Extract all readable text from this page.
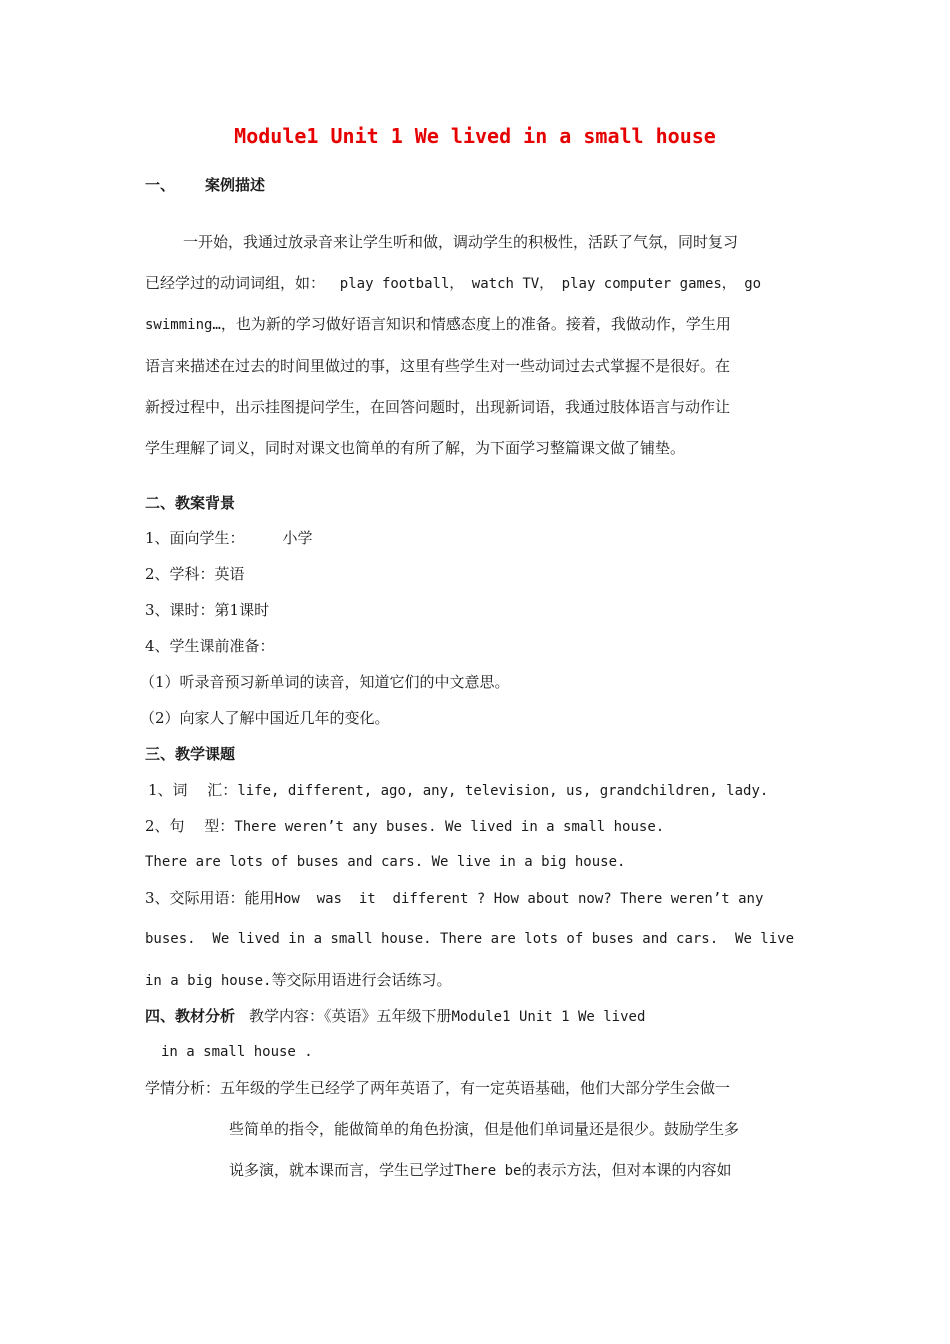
Module1 Unit 1 We lived in a small house
一、 案例描述
一开始，我通过放录音来让学生听和做，调动学生的积极性，活跃了气氛，同时复习
已经学过的动词词组，如： play football， watch TV， play computer games， go
swimming…，也为新的学习做好语言知识和情感态度上的准备。接着，我做动作，学生用
语言来描述在过去的时间里做过的事，这里有些学生对一些动词过去式掌握不是很好。在
新授过程中，出示挂图提问学生，在回答问题时，出现新词语，我通过肢体语言与动作让
学生理解了词义，同时对课文也简单的有所了解，为下面学习整篇课文做了铺垫。
二、教案背景
1、面向学生：	小学
2、学科：英语
3、课时：第1课时
4、学生课前准备：
（1）听录音预习新单词的读音，知道它们的中文意思。
（2）向家人了解中国近几年的变化。
三、教学课题
1、词　 汇：life, different, ago, any, television, us, grandchildren, lady.
2、句　 型：There weren’t any buses. We lived in a small house.
There are lots of buses and cars. We live in a big house.
3、交际用语：能用How  was  it  different ? How about now? There weren’t any
buses.  We lived in a small house. There are lots of buses and cars.  We live
in a big house.等交际用语进行会话练习。
四、教材分析 教学内容：《英语》五年级下册Module1 Unit 1 We lived
in a small house .
学情分析：五年级的学生已经学了两年英语了，有一定英语基础，他们大部分学生会做一
些简单的指令，能做简单的角色扮演，但是他们单词量还是很少。鼓励学生多
说多演，就本课而言，学生已学过There be的表示方法，但对本课的内容如
